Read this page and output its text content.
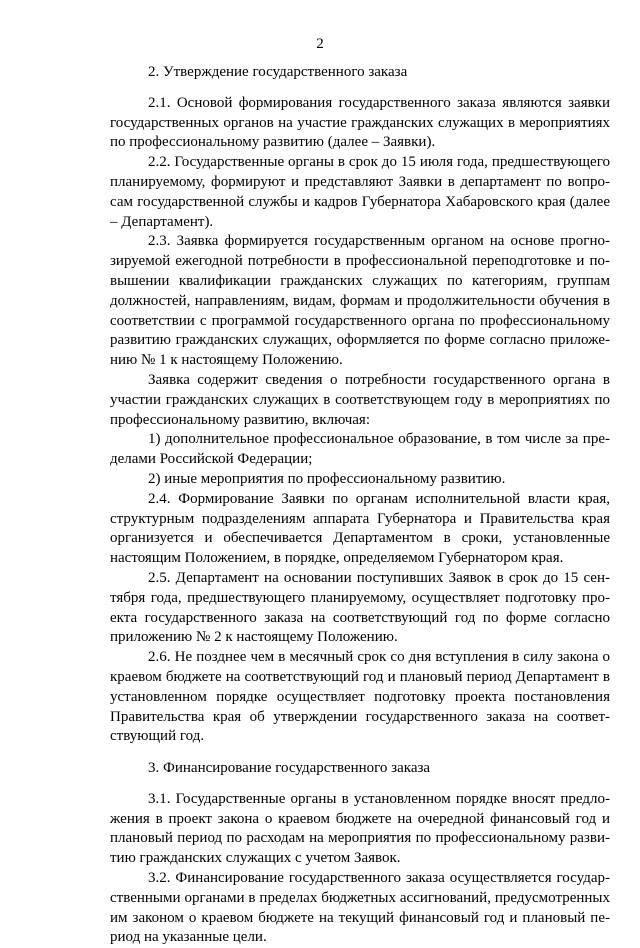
2

2. Утверждение государственного заказа

2.1. Основой формирования государственного заказа являются заявки государственных органов на участие гражданских служащих в мероприятиях по профессиональному развитию (далее – Заявки).

2.2. Государственные органы в срок до 15 июля года, предшествующего планируемому, формируют и представляют Заявки в департамент по вопросам государственной службы и кадров Губернатора Хабаровского края (далее – Департамент).

2.3. Заявка формируется государственным органом на основе прогнозируемой ежегодной потребности в профессиональной переподготовке и повышении квалификации гражданских служащих по категориям, группам должностей, направлениям, видам, формам и продолжительности обучения в соответствии с программой государственного органа по профессиональному развитию гражданских служащих, оформляется по форме согласно приложению № 1 к настоящему Положению.

Заявка содержит сведения о потребности государственного органа в участии гражданских служащих в соответствующем году в мероприятиях по профессиональному развитию, включая:

1) дополнительное профессиональное образование, в том числе за пределами Российской Федерации;

2) иные мероприятия по профессиональному развитию.

2.4. Формирование Заявки по органам исполнительной власти края, структурным подразделениям аппарата Губернатора и Правительства края организуется и обеспечивается Департаментом в сроки, установленные настоящим Положением, в порядке, определяемом Губернатором края.

2.5. Департамент на основании поступивших Заявок в срок до 15 сентября года, предшествующего планируемому, осуществляет подготовку проекта государственного заказа на соответствующий год по форме согласно приложению № 2 к настоящему Положению.

2.6. Не позднее чем в месячный срок со дня вступления в силу закона о краевом бюджете на соответствующий год и плановый период Департамент в установленном порядке осуществляет подготовку проекта постановления Правительства края об утверждении государственного заказа на соответствующий год.

3. Финансирование государственного заказа

3.1. Государственные органы в установленном порядке вносят предложения в проект закона о краевом бюджете на очередной финансовый год и плановый период по расходам на мероприятия по профессиональному развитию гражданских служащих с учетом Заявок.

3.2. Финансирование государственного заказа осуществляется государственными органами в пределах бюджетных ассигнований, предусмотренных им законом о краевом бюджете на текущий финансовый год и плановый период на указанные цели.
